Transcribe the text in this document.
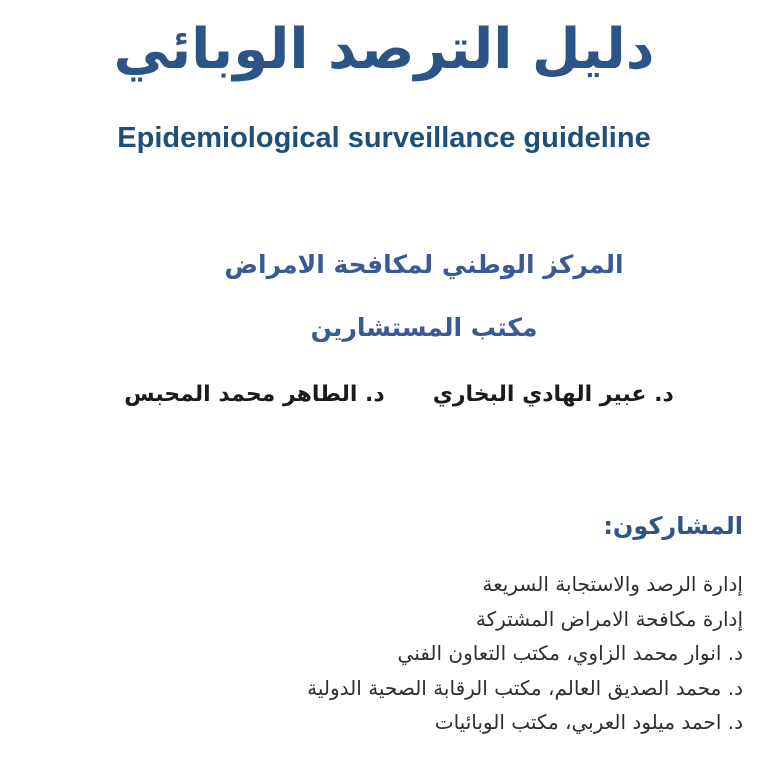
دليل الترصد الوبائي
Epidemiological surveillance guideline
المركز الوطني لمكافحة الامراض
مكتب المستشارين
د. عبير الهادي البخاري
د. الطاهر محمد المحبس
المشاركون:
إدارة الرصد والاستجابة السريعة
إدارة مكافحة الامراض المشتركة
د. انوار محمد الزاوي، مكتب التعاون الفني
د. محمد الصديق العالم، مكتب الرقابة الصحية الدولية
د. احمد ميلود العربي، مكتب الوبائيات
